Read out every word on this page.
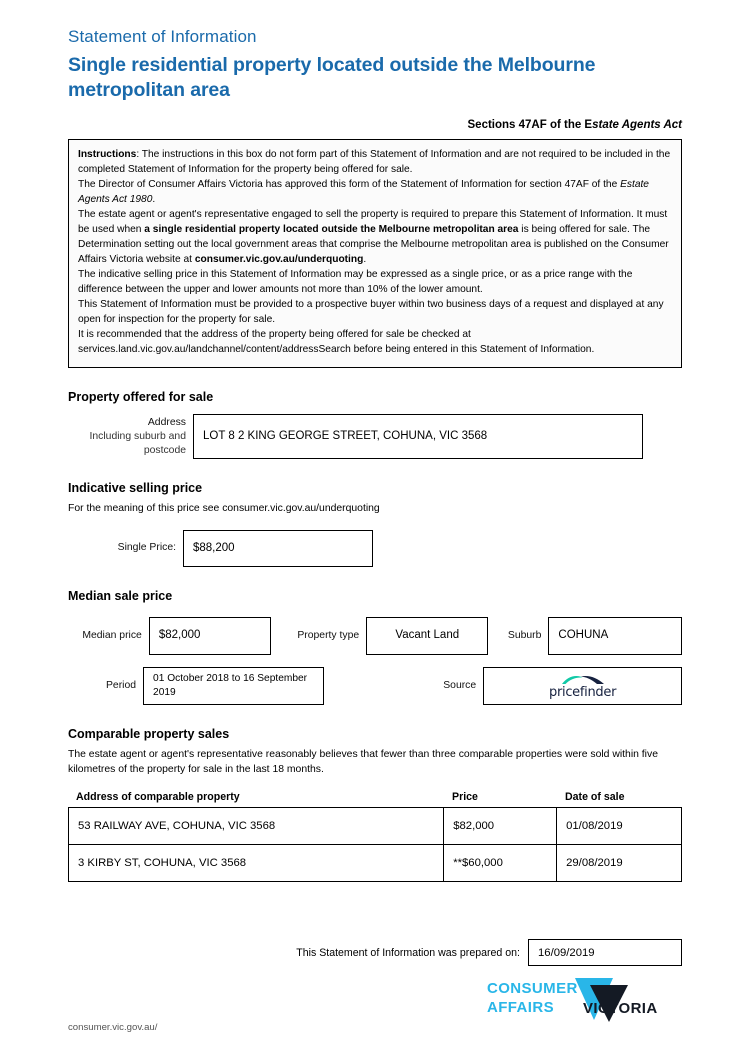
Statement of Information
Single residential property located outside the Melbourne metropolitan area
Sections 47AF of the Estate Agents Act

Instructions: The instructions in this box do not form part of this Statement of Information and are not required to be included in the completed Statement of Information for the property being offered for sale.

The Director of Consumer Affairs Victoria has approved this form of the Statement of Information for section 47AF of the Estate Agents Act 1980.

The estate agent or agent's representative engaged to sell the property is required to prepare this Statement of Information. It must be used when a single residential property located outside the Melbourne metropolitan area is being offered for sale. The Determination setting out the local government areas that comprise the Melbourne metropolitan area is published on the Consumer Affairs Victoria website at consumer.vic.gov.au/underquoting.

The indicative selling price in this Statement of Information may be expressed as a single price, or as a price range with the difference between the upper and lower amounts not more than 10% of the lower amount.

This Statement of Information must be provided to a prospective buyer within two business days of a request and displayed at any open for inspection for the property for sale.

It is recommended that the address of the property being offered for sale be checked at services.land.vic.gov.au/landchannel/content/addressSearch before being entered in this Statement of Information.

Property offered for sale
Address
Including suburb and
postcode
LOT 8 2 KING GEORGE STREET, COHUNA, VIC 3568
Indicative selling price
For the meaning of this price see consumer.vic.gov.au/underquoting
Single Price:	$88,200
Median sale price
Median price	$82,000	Property type	Vacant Land	Suburb	COHUNA
Period
01 October 2018 to 16 September 2019
Source	pricefinder
Comparable property sales
The estate agent or agent's representative reasonably believes that fewer than three comparable properties were sold within five kilometres of the property for sale in the last 18 months.
Address of comparable property	Price	Date of sale
53 RAILWAY AVE, COHUNA, VIC 3568	$82,000	01/08/2019
3 KIRBY ST, COHUNA, VIC 3568	**$60,000	29/08/2019
This Statement of Information was prepared on:	16/09/2019
CONSUMER
AFFAIRS	VICTORIA
consumer.vic.gov.au/
